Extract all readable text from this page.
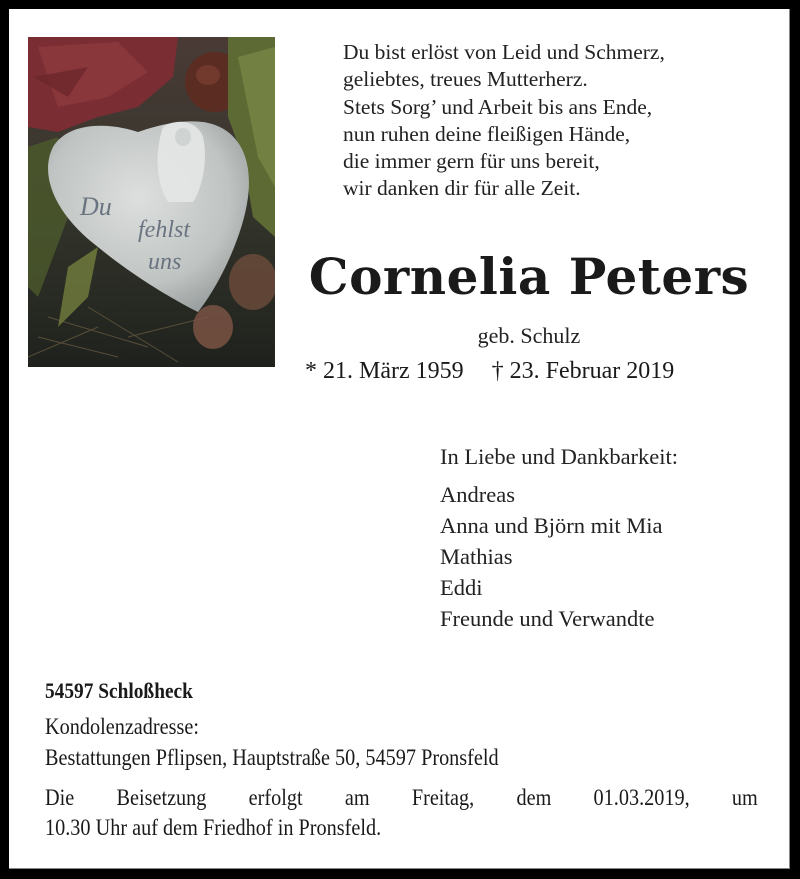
Du
fehlst
uns
Du bist erlöst von Leid und Schmerz,
geliebtes, treues Mutterherz.
Stets Sorg’ und Arbeit bis ans Ende,
nun ruhen deine fleißigen Hände,
die immer gern für uns bereit,
wir danken dir für alle Zeit.
Cornelia Peters
geb. Schulz
* 21. März 1959 † 23. Februar 2019
In Liebe und Dankbarkeit:
Andreas
Anna und Björn mit Mia
Mathias
Eddi
Freunde und Verwandte
54597 Schloßheck
Kondolenzadresse:
Bestattungen Pflipsen, Hauptstraße 50, 54597 Pronsfeld
Die Beisetzung erfolgt am Freitag, dem 01.03.2019, um
10.30 Uhr auf dem Friedhof in Pronsfeld.
